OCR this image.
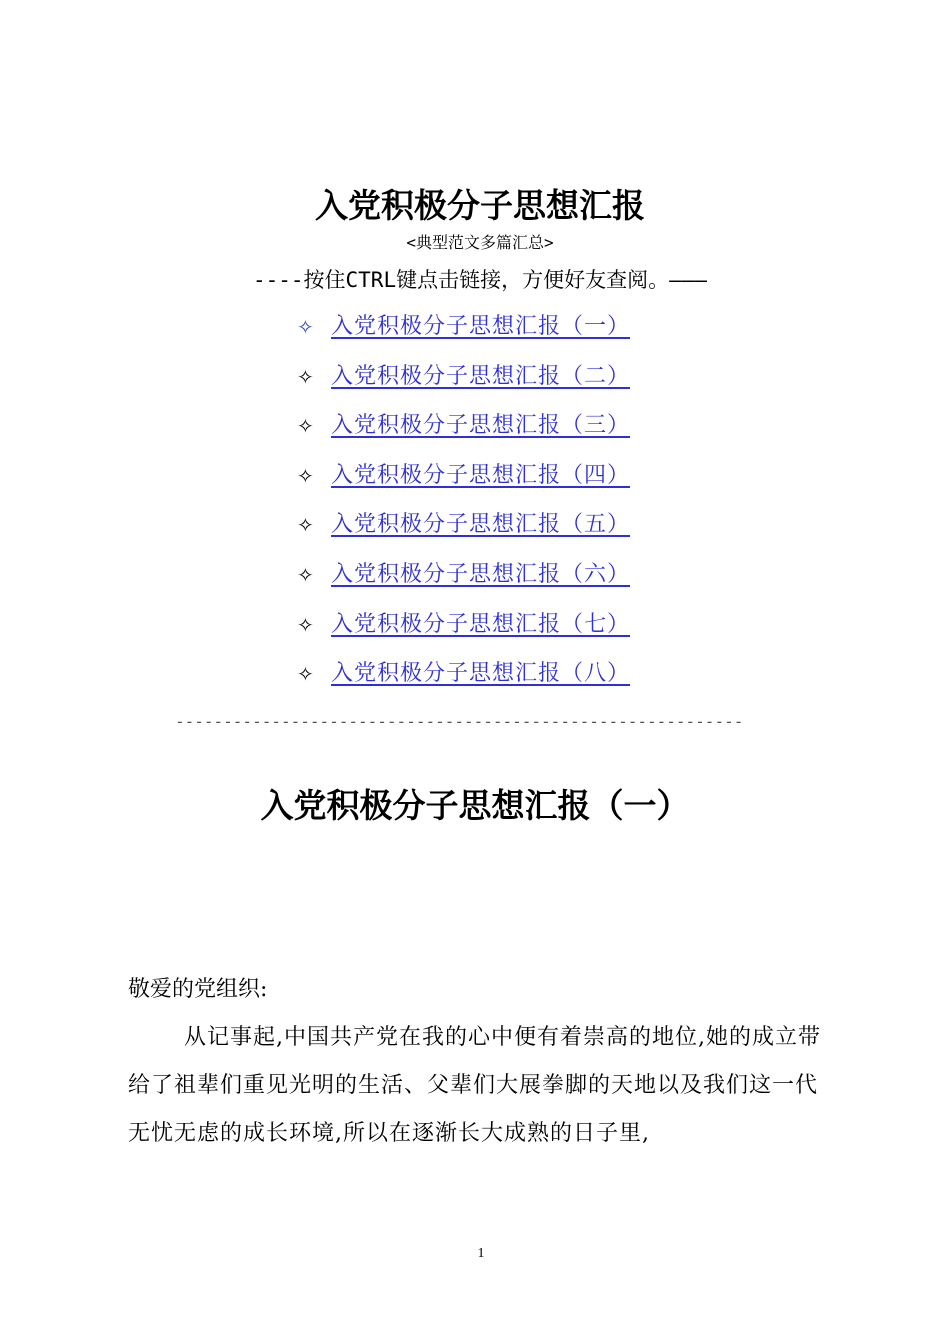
入党积极分子思想汇报
<典型范文多篇汇总>
----按住CTRL键点击链接，方便好友查阅。———
✧ 入党积极分子思想汇报（一）
✧ 入党积极分子思想汇报（二）
✧ 入党积极分子思想汇报（三）
✧ 入党积极分子思想汇报（四）
✧ 入党积极分子思想汇报（五）
✧ 入党积极分子思想汇报（六）
✧ 入党积极分子思想汇报（七）
✧ 入党积极分子思想汇报（八）
-----------------------------------------------------------
入党积极分子思想汇报（一）
敬爱的党组织:
从记事起,中国共产党在我的心中便有着崇高的地位,她的成立带给了祖辈们重见光明的生活、父辈们大展拳脚的天地以及我们这一代无忧无虑的成长环境,所以在逐渐长大成熟的日子里,
1
